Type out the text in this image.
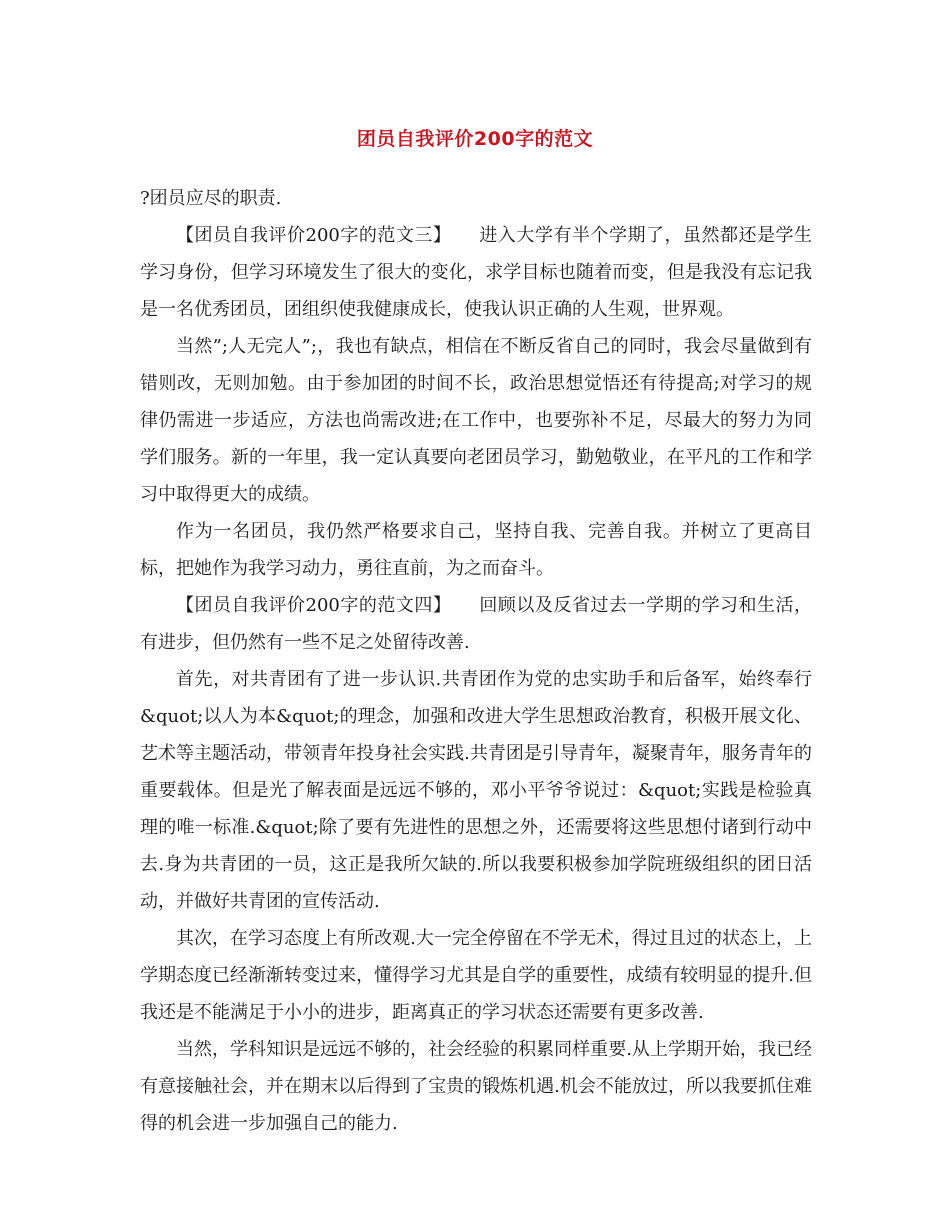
团员自我评价200字的范文

?团员应尽的职责.

【团员自我评价200字的范文三】　　进入大学有半个学期了，虽然都还是学生学习身份，但学习环境发生了很大的变化，求学目标也随着而变，但是我没有忘记我是一名优秀团员，团组织使我健康成长，使我认识正确的人生观，世界观。

当然”;人无完人”;，我也有缺点，相信在不断反省自己的同时，我会尽量做到有错则改，无则加勉。由于参加团的时间不长，政治思想觉悟还有待提高;对学习的规律仍需进一步适应，方法也尚需改进;在工作中，也要弥补不足，尽最大的努力为同学们服务。新的一年里，我一定认真要向老团员学习，勤勉敬业，在平凡的工作和学习中取得更大的成绩。

作为一名团员，我仍然严格要求自己，坚持自我、完善自我。并树立了更高目标，把她作为我学习动力，勇往直前，为之而奋斗。

【团员自我评价200字的范文四】　　回顾以及反省过去一学期的学习和生活，有进步，但仍然有一些不足之处留待改善.

首先，对共青团有了进一步认识.共青团作为党的忠实助手和后备军，始终奉行&quot;以人为本&quot;的理念，加强和改进大学生思想政治教育，积极开展文化、艺术等主题活动，带领青年投身社会实践.共青团是引导青年，凝聚青年，服务青年的重要载体。但是光了解表面是远远不够的，邓小平爷爷说过：&quot;实践是检验真理的唯一标准.&quot;除了要有先进性的思想之外，还需要将这些思想付诸到行动中去.身为共青团的一员，这正是我所欠缺的.所以我要积极参加学院班级组织的团日活动，并做好共青团的宣传活动.

其次，在学习态度上有所改观.大一完全停留在不学无术，得过且过的状态上，上学期态度已经渐渐转变过来，懂得学习尤其是自学的重要性，成绩有较明显的提升.但我还是不能满足于小小的进步，距离真正的学习状态还需要有更多改善.

当然，学科知识是远远不够的，社会经验的积累同样重要.从上学期开始，我已经有意接触社会，并在期末以后得到了宝贵的锻炼机遇.机会不能放过，所以我要抓住难得的机会进一步加强自己的能力.
